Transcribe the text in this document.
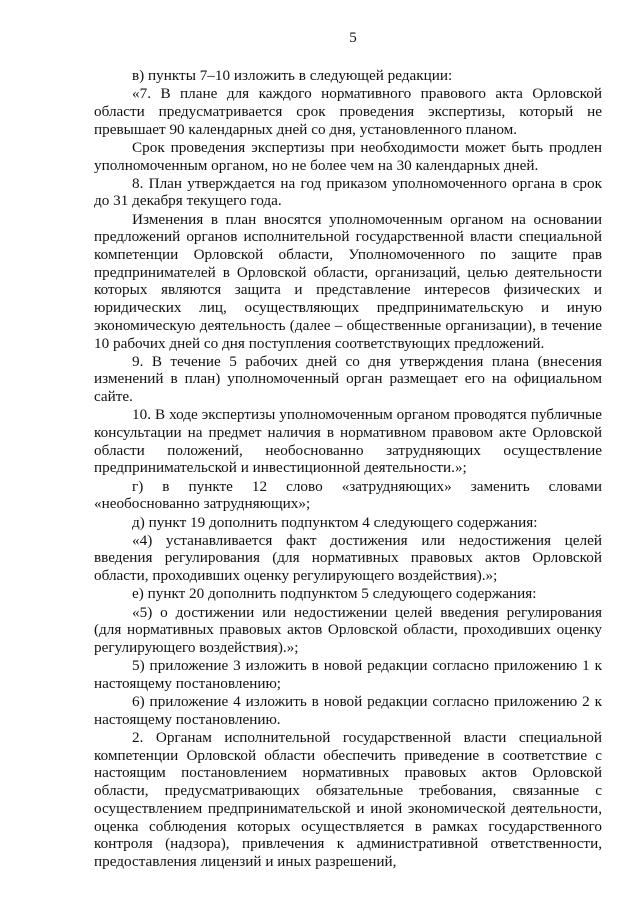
5
в) пункты 7–10 изложить в следующей редакции:
«7. В плане для каждого нормативного правового акта Орловской области предусматривается срок проведения экспертизы, который не превышает 90 календарных дней со дня, установленного планом.
Срок проведения экспертизы при необходимости может быть продлен уполномоченным органом, но не более чем на 30 календарных дней.
8. План утверждается на год приказом уполномоченного органа в срок до 31 декабря текущего года.
Изменения в план вносятся уполномоченным органом на основании предложений органов исполнительной государственной власти специальной компетенции Орловской области, Уполномоченного по защите прав предпринимателей в Орловской области, организаций, целью деятельности которых являются защита и представление интересов физических и юридических лиц, осуществляющих предпринимательскую и иную экономическую деятельность (далее – общественные организации), в течение 10 рабочих дней со дня поступления соответствующих предложений.
9. В течение 5 рабочих дней со дня утверждения плана (внесения изменений в план) уполномоченный орган размещает его на официальном сайте.
10. В ходе экспертизы уполномоченным органом проводятся публичные консультации на предмет наличия в нормативном правовом акте Орловской области положений, необоснованно затрудняющих осуществление предпринимательской и инвестиционной деятельности.»;
г) в пункте 12 слово «затрудняющих» заменить словами «необоснованно затрудняющих»;
д) пункт 19 дополнить подпунктом 4 следующего содержания:
«4) устанавливается факт достижения или недостижения целей введения регулирования (для нормативных правовых актов Орловской области, проходивших оценку регулирующего воздействия).»;
е) пункт 20 дополнить подпунктом 5 следующего содержания:
«5) о достижении или недостижении целей введения регулирования (для нормативных правовых актов Орловской области, проходивших оценку регулирующего воздействия).»;
5) приложение 3 изложить в новой редакции согласно приложению 1 к настоящему постановлению;
6) приложение 4 изложить в новой редакции согласно приложению 2 к настоящему постановлению.
2. Органам исполнительной государственной власти специальной компетенции Орловской области обеспечить приведение в соответствие с настоящим постановлением нормативных правовых актов Орловской области, предусматривающих обязательные требования, связанные с осуществлением предпринимательской и иной экономической деятельности, оценка соблюдения которых осуществляется в рамках государственного контроля (надзора), привлечения к административной ответственности, предоставления лицензий и иных разрешений,
